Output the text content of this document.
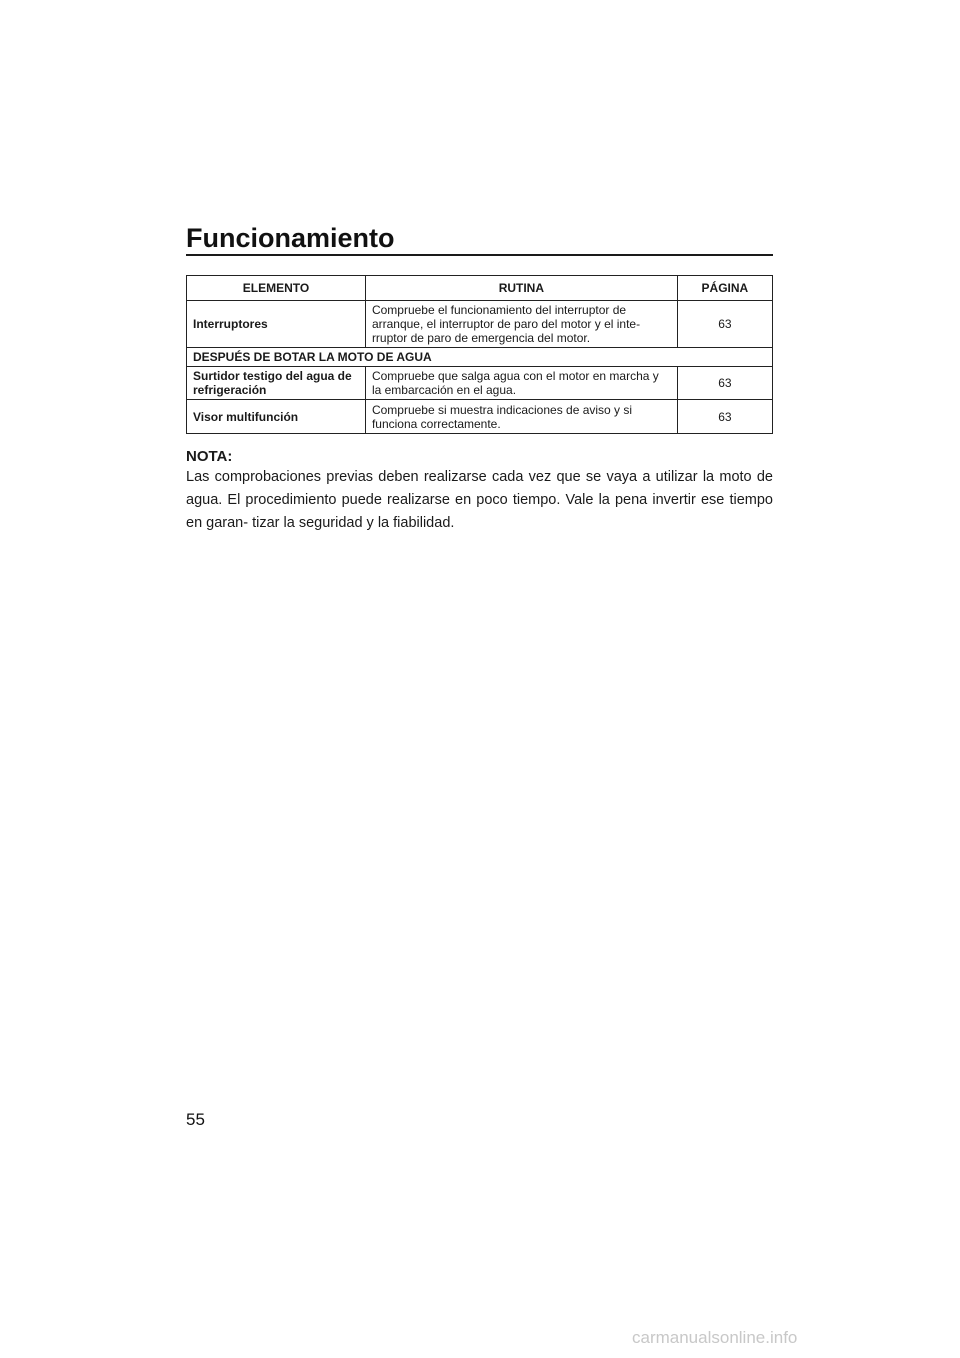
Funcionamiento
ELEMENTO	RUTINA	PÁGINA
Interruptores	Compruebe el funcionamiento del interruptor de arranque, el interruptor de paro del motor y el inte- rruptor de paro de emergencia del motor.	63
DESPUÉS DE BOTAR LA MOTO DE AGUA		
Surtidor testigo del agua de refrigeración	Compruebe que salga agua con el motor en marcha y la embarcación en el agua.	63
Visor multifunción	Compruebe si muestra indicaciones de aviso y si funciona correctamente.	63

NOTA:

Las comprobaciones previas deben realizarse cada vez que se vaya a utilizar la moto de agua. El procedimiento puede realizarse en poco tiempo. Vale la pena invertir ese tiempo en garan- tizar la seguridad y la fiabilidad.

55
carmanualsonline.info
